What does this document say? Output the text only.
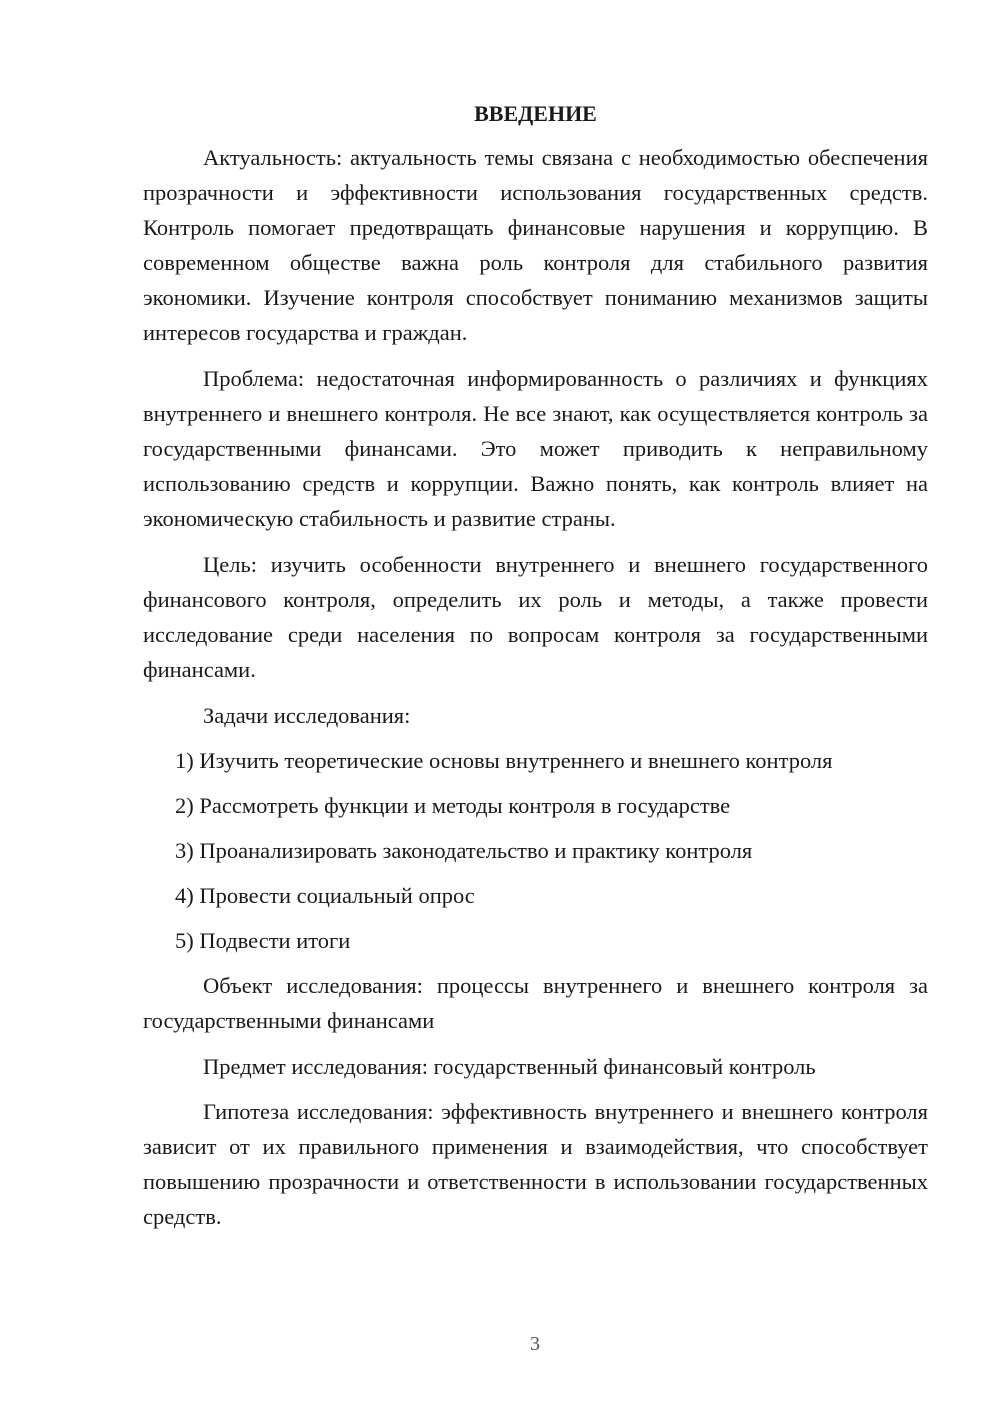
ВВЕДЕНИЕ

Актуальность: актуальность темы связана с необходимостью обеспечения прозрачности и эффективности использования государственных средств. Контроль помогает предотвращать финансовые нарушения и коррупцию. В современном обществе важна роль контроля для стабильного развития экономики. Изучение контроля способствует пониманию механизмов защиты интересов государства и граждан.

Проблема: недостаточная информированность о различиях и функциях внутреннего и внешнего контроля. Не все знают, как осуществляется контроль за государственными финансами. Это может приводить к неправильному использованию средств и коррупции. Важно понять, как контроль влияет на экономическую стабильность и развитие страны.

Цель: изучить особенности внутреннего и внешнего государственного финансового контроля, определить их роль и методы, а также провести исследование среди населения по вопросам контроля за государственными финансами.

Задачи исследования:

1) Изучить теоретические основы внутреннего и внешнего контроля
2) Рассмотреть функции и методы контроля в государстве
3) Проанализировать законодательство и практику контроля
4) Провести социальный опрос
5) Подвести итоги

Объект исследования: процессы внутреннего и внешнего контроля за государственными финансами

Предмет исследования: государственный финансовый контроль

Гипотеза исследования: эффективность внутреннего и внешнего контроля зависит от их правильного применения и взаимодействия, что способствует повышению прозрачности и ответственности в использовании государственных средств.

3
